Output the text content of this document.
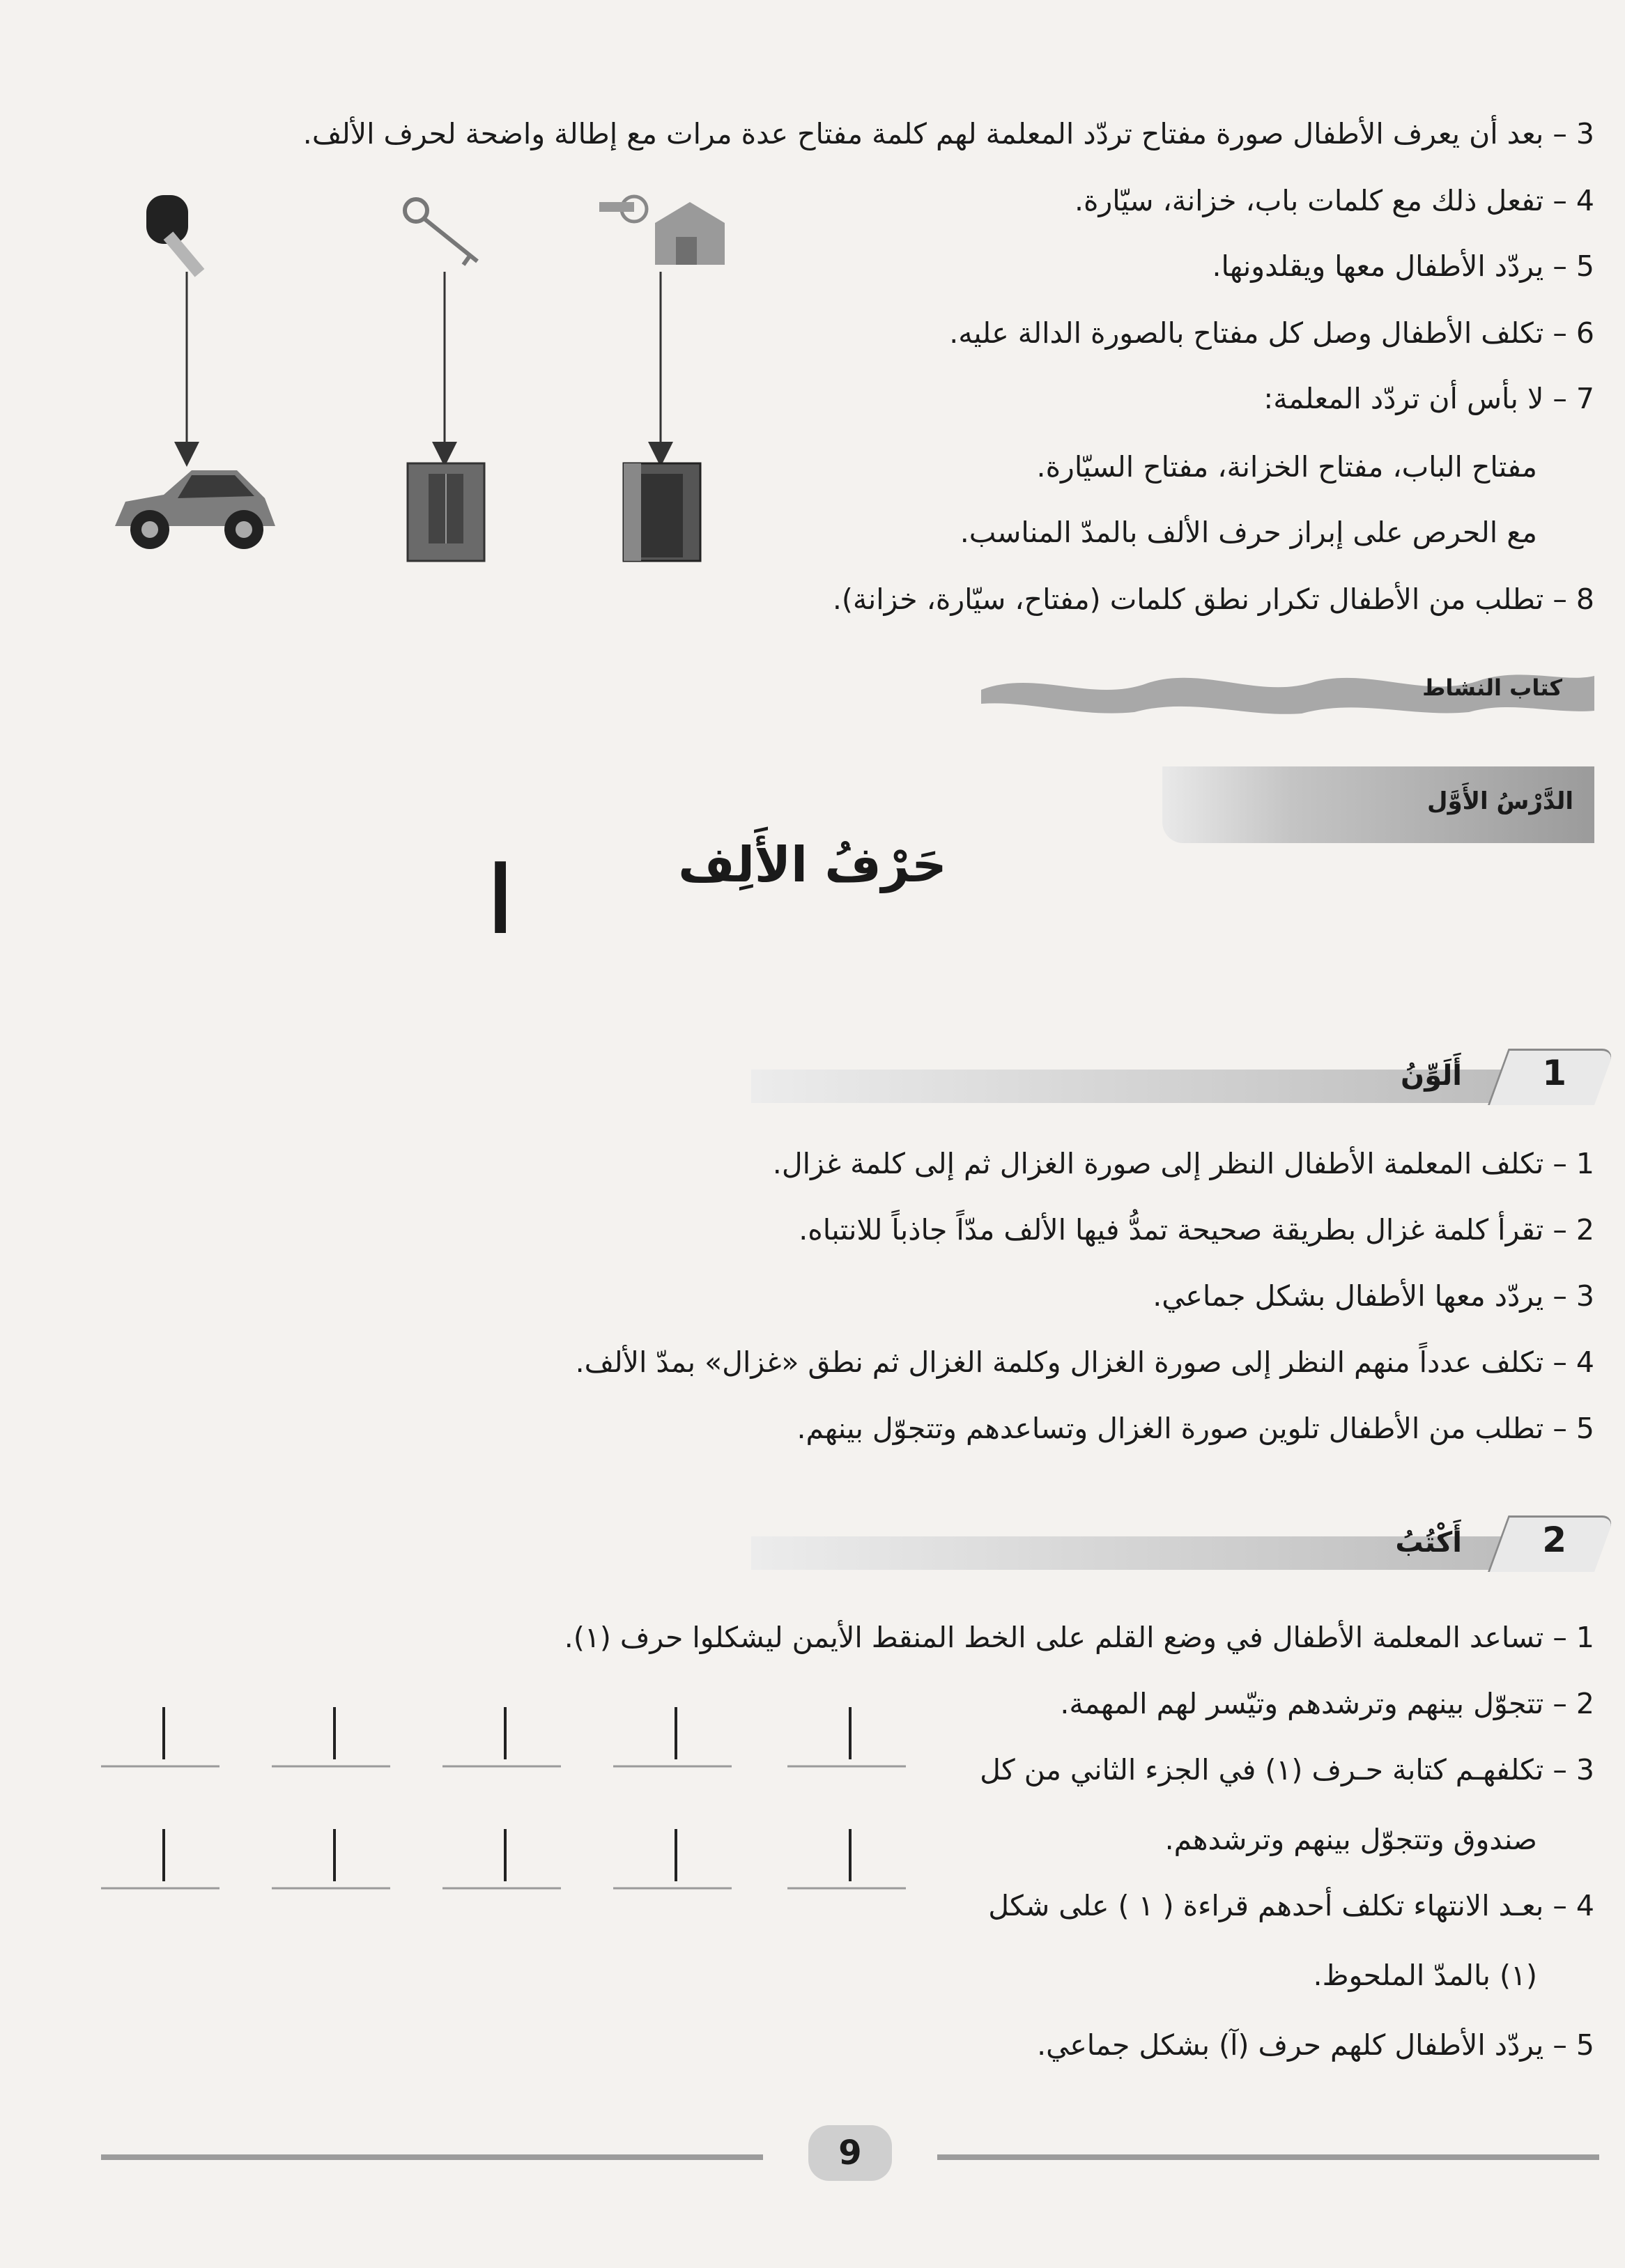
3 – بعد أن يعرف الأطفال صورة مفتاح تردّد المعلمة لهم كلمة مفتاح عدة مرات مع إطالة واضحة لحرف الألف.
4 – تفعل ذلك مع كلمات باب، خزانة، سيّارة.
5 – يردّد الأطفال معها ويقلدونها.
6 – تكلف الأطفال وصل كل مفتاح بالصورة الدالة عليه.
7 – لا بأس أن تردّد المعلمة:
مفتاح الباب، مفتاح الخزانة، مفتاح السيّارة.
مع الحرص على إبراز حرف الألف بالمدّ المناسب.
8 – تطلب من الأطفال تكرار نطق كلمات (مفتاح، سيّارة، خزانة).
كتاب النشاط
الدَّرْسُ الأَوَّل
حَرْفُ الأَلِف
ا
1
أَلَوِّنُ
1 – تكلف المعلمة الأطفال النظر إلى صورة الغزال ثم إلى كلمة غزال.
2 – تقرأ كلمة غزال بطريقة صحيحة تمدُّ فيها الألف مدّاً جاذباً للانتباه.
3 – يردّد معها الأطفال بشكل جماعي.
4 – تكلف عدداً منهم النظر إلى صورة الغزال وكلمة الغزال ثم نطق «غزال» بمدّ الألف.
5 – تطلب من الأطفال تلوين صورة الغزال وتساعدهم وتتجوّل بينهم.
2
أَكْتُبُ
1 – تساعد المعلمة الأطفال في وضع القلم على الخط المنقط الأيمن ليشكلوا حرف (١).
2 – تتجوّل بينهم وترشدهم وتيّسر لهم المهمة.
3 – تكلفهـم كتابة حـرف (١) في الجزء الثاني من كل
صندوق وتتجوّل بينهم وترشدهم.
4 – بعـد الانتهاء تكلف أحدهم قراءة ( ١ ) على شكل
(١) بالمدّ الملحوظ.
5 – يردّد الأطفال كلهم حرف (آ) بشكل جماعي.
9
